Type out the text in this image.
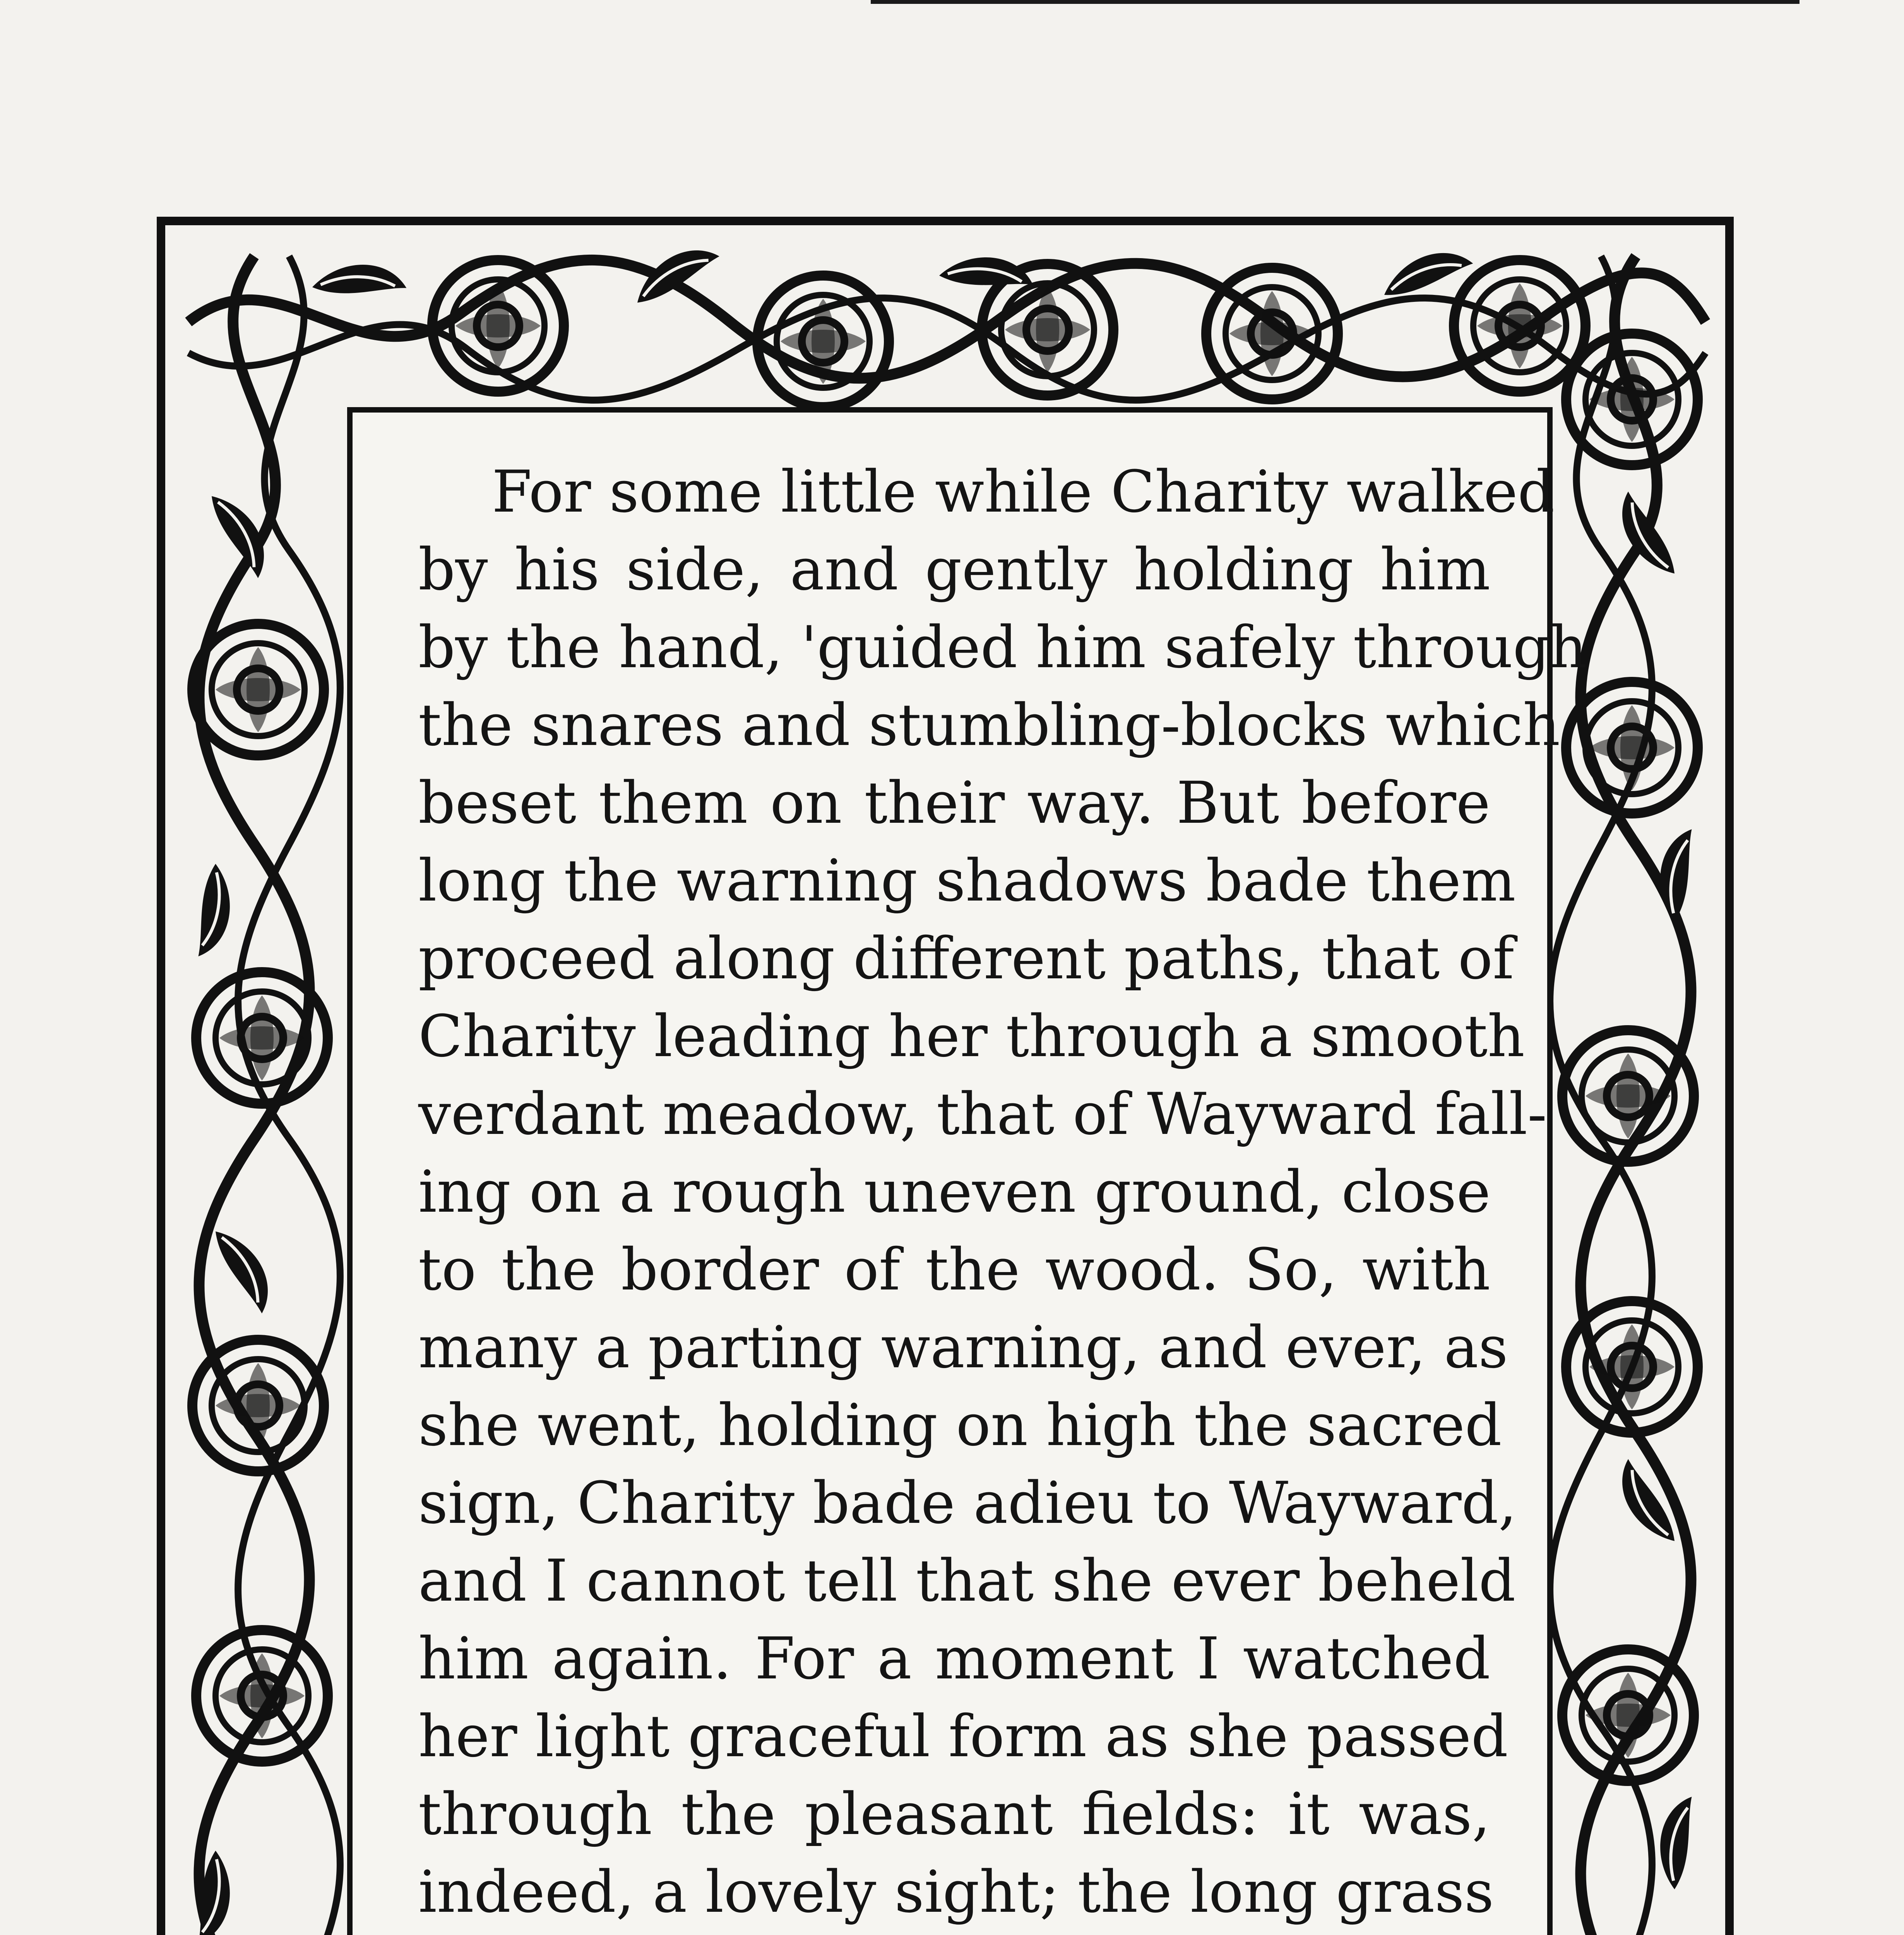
For some little while Charity walked
by his side, and gently holding him
by the hand, 'guided him safely through
the snares and stumbling-blocks which
beset them on their way. But before
long the warning shadows bade them
proceed along different paths, that of
Charity leading her through a smooth
verdant meadow, that of Wayward fall-
ing on a rough uneven ground, close
to the border of the wood. So, with
many a parting warning, and ever, as
she went, holding on high the sacred
sign, Charity bade adieu to Wayward,
and I cannot tell that she ever beheld
him again. For a moment I watched
her light graceful form as she passed
through the pleasant fields: it was,
indeed, a lovely sight; the long grass
